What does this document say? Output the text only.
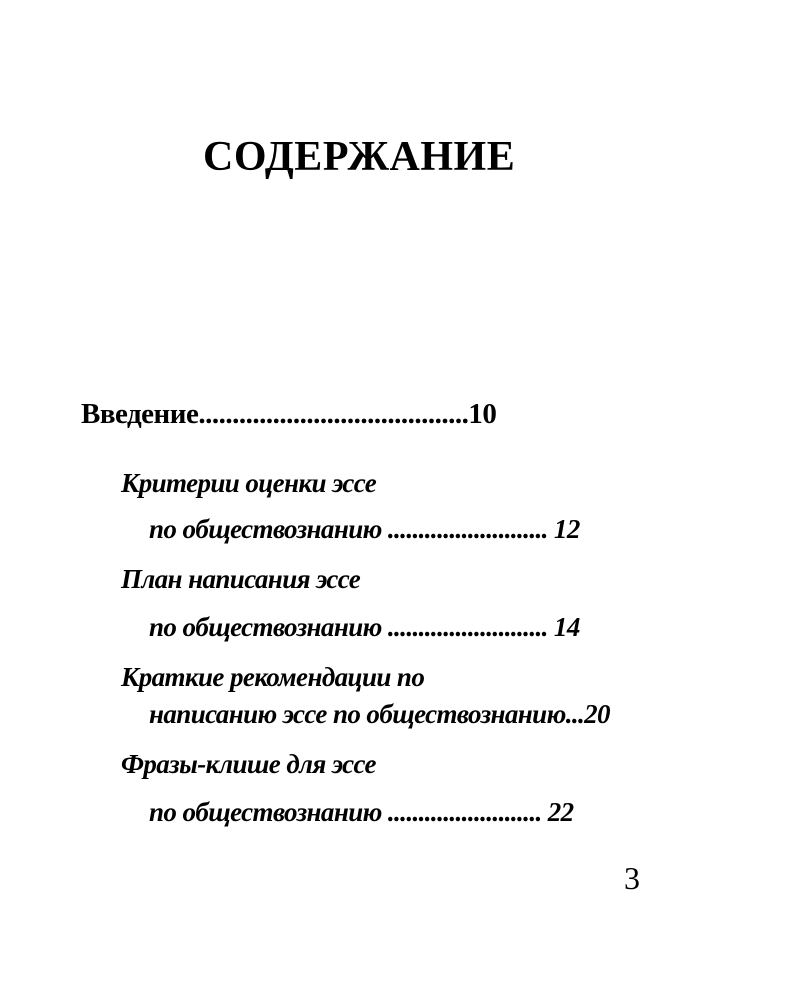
СОДЕРЖАНИЕ
Введение........................................10
Критерии оценки эссе
по обществознанию .......................... 12
План написания эссе
по обществознанию .......................... 14
Краткие рекомендации по
написанию эссе по обществознанию...20
Фразы-клише для эссе
по обществознанию ......................... 22
3
